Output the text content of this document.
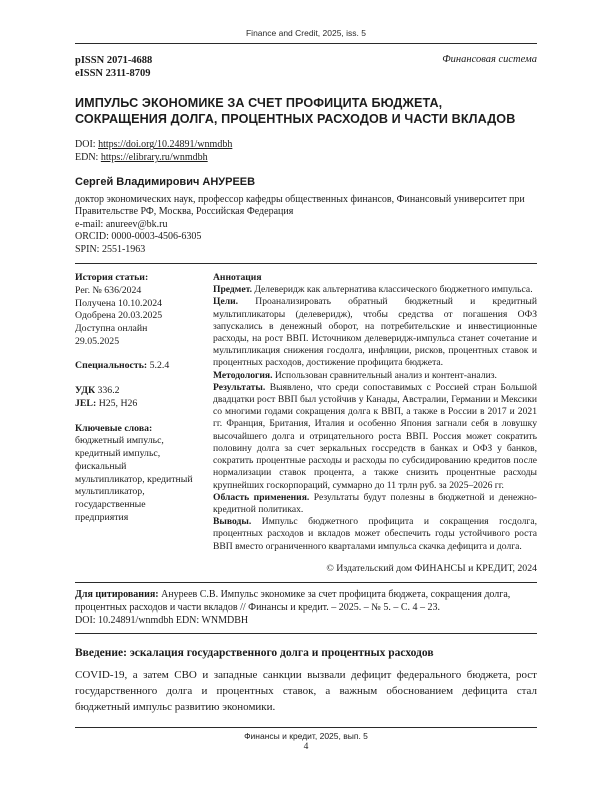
Finance and Credit, 2025, iss. 5
pISSN 2071-4688
eISSN 2311-8709
Финансовая система
ИМПУЛЬС ЭКОНОМИКЕ ЗА СЧЕТ ПРОФИЦИТА БЮДЖЕТА, СОКРАЩЕНИЯ ДОЛГА, ПРОЦЕНТНЫХ РАСХОДОВ И ЧАСТИ ВКЛАДОВ
DOI: https://doi.org/10.24891/wnmdbh
EDN: https://elibrary.ru/wnmdbh
Сергей Владимирович АНУРЕЕВ
доктор экономических наук, профессор кафедры общественных финансов, Финансовый университет при Правительстве РФ, Москва, Российская Федерация
e-mail: anureev@bk.ru
ORCID: 0000-0003-4506-6305
SPIN: 2551-1963
История статьи:
Рег. № 636/2024
Получена 10.10.2024
Одобрена 20.03.2025
Доступна онлайн
29.05.2025
Специальность: 5.2.4
УДК 336.2
JEL: H25, H26
Ключевые слова:
бюджетный импульс, кредитный импульс, фискальный мультипликатор, кредитный мультипликатор, государственные предприятия
Аннотация

Предмет. Делеверидж как альтернатива классического бюджетного импульса.

Цели. Проанализировать обратный бюджетный и кредитный мультипликаторы (делеверидж), чтобы средства от погашения ОФЗ запускались в денежный оборот, на потребительские и инвестиционные расходы, на рост ВВП. Источником делеверидж-импульса станет сочетание и мультипликация снижения госдолга, инфляции, рисков, процентных ставок и процентных расходов, достижение профицита бюджета.

Методология. Использован сравнительный анализ и контент-анализ.

Результаты. Выявлено, что среди сопоставимых с Россией стран Большой двадцатки рост ВВП был устойчив у Канады, Австралии, Германии и Мексики со многими годами сокращения долга к ВВП, а также в России в 2017 и 2021 гг. Франция, Британия, Италия и особенно Япония загнали себя в ловушку высочайшего долга и отрицательного роста ВВП. Россия может сократить половину долга за счет зеркальных госсредств в банках и ОФЗ у банков, сократить процентные расходы и расходы по субсидированию кредитов после нормализации ставок процента, а также снизить процентные расходы крупнейших госкорпораций, суммарно до 11 трлн руб. за 2025–2026 гг.

Область применения. Результаты будут полезны в бюджетной и денежно-кредитной политиках.

Выводы. Импульс бюджетного профицита и сокращения госдолга, процентных расходов и вкладов может обеспечить годы устойчивого роста ВВП вместо ограниченного кварталами импульса скачка дефицита и долга.

© Издательский дом ФИНАНСЫ и КРЕДИТ, 2024
Для цитирования: Ануреев С.В. Импульс экономике за счет профицита бюджета, сокращения долга, процентных расходов и части вкладов // Финансы и кредит. – 2025. – № 5. – С. 4 – 23.
DOI: 10.24891/wnmdbh EDN: WNMDBH
Введение: эскалация государственного долга и процентных расходов

COVID-19, а затем СВО и западные санкции вызвали дефицит федерального бюджета, рост государственного долга и процентных ставок, а важным обоснованием дефицита стал бюджетный импульс развитию экономики.

Финансы и кредит, 2025, вып. 5
4
